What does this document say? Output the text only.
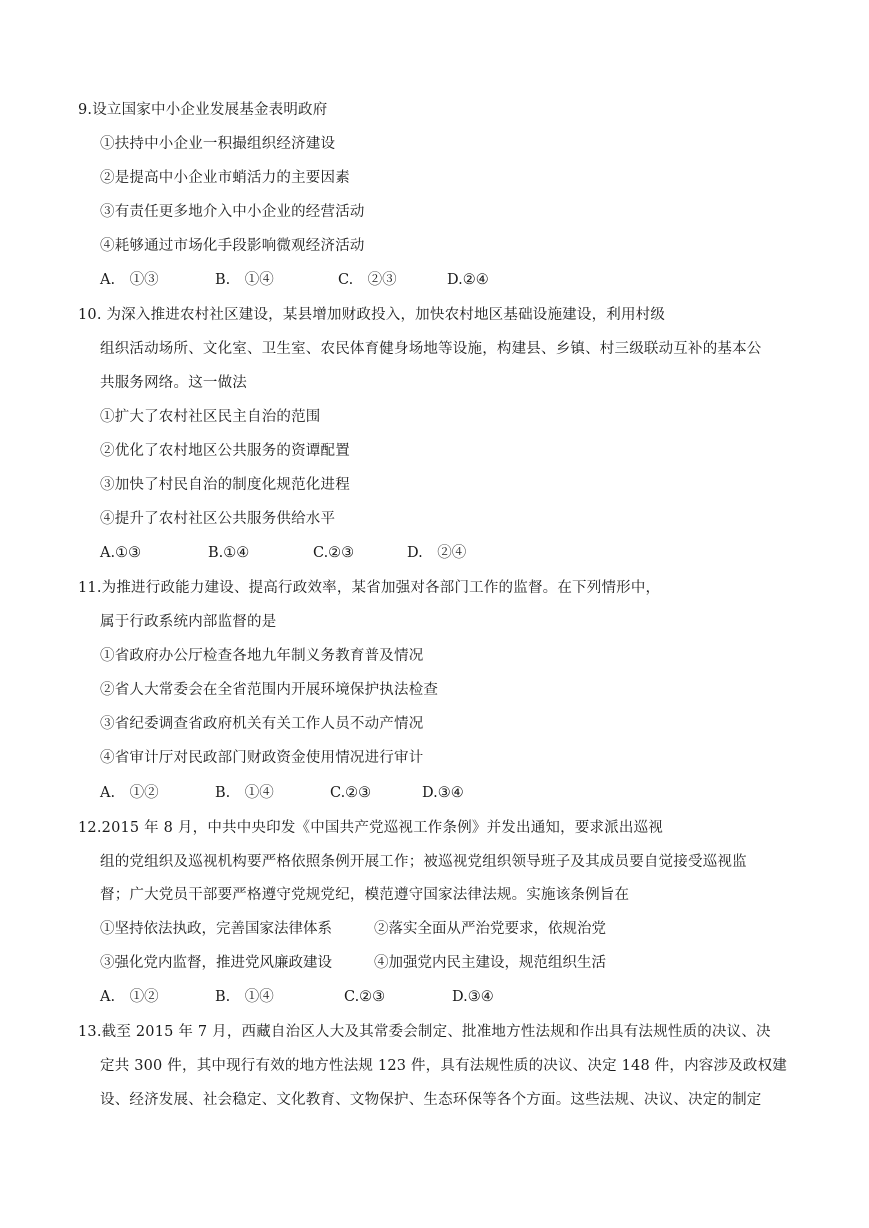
9.设立国家中小企业发展基金表明政府
①扶持中小企业一积撮组织经济建设
②是提高中小企业市蛸活力的主要因素
③有责任更多地介入中小企业的经营活动
④耗够通过市场化手段影响微观经济活动
A.　①③	B.　①④	C.　②③	D.②④
10. 为深入推进农村社区建设，某县增加财政投入，加快农村地区基础设施建设，利用村级
组织活动场所、文化室、卫生室、农民体育健身场地等设施，构建县、乡镇、村三级联动互补的基本公
共服务网络。这一做法
①扩大了农村社区民主自治的范围
②优化了农村地区公共服务的资谭配置
③加快了村民自治的制度化规范化进程
④提升了农村社区公共服务供给水平
A.①③	B.①④	C.②③	D.　②④
11.为推进行政能力建设、提高行政效率，某省加强对各部门工作的监督。在下列情形中，
属于行政系统内部监督的是
①省政府办公厅检查各地九年制义务教育普及情况
②省人大常委会在全省范围内开展环境保护执法检查
③省纪委调查省政府机关有关工作人员不动产情况
④省审计厅对民政部门财政资金使用情况进行审计
A.　①②	B.　①④	C.②③	D.③④
12.2015 年 8 月，中共中央印发《中国共产党巡视工作条例》并发出通知，要求派出巡视
组的党组织及巡视机构要严格依照条例开展工作；被巡视党组织领导班子及其成员要自觉接受巡视监
督；广大党员干部要严格遵守党规党纪，模范遵守国家法律法规。实施该条例旨在
①坚持依法执政，完善国家法律体系	②落实全面从严治党要求，依规治党
③强化党内监督，推进党风廉政建设	④加强党内民主建设，规范组织生活
A.　①②	B.　①④	C.②③	D.③④
13.截至 2015 年 7 月，西藏自治区人大及其常委会制定、批准地方性法规和作出具有法规性质的决议、决
定共 300 件，其中现行有效的地方性法规 123 件，具有法规性质的决议、决定 148 件，内容涉及政权建
设、经济发展、社会稳定、文化教育、文物保护、生态环保等各个方面。这些法规、决议、决定的制定
